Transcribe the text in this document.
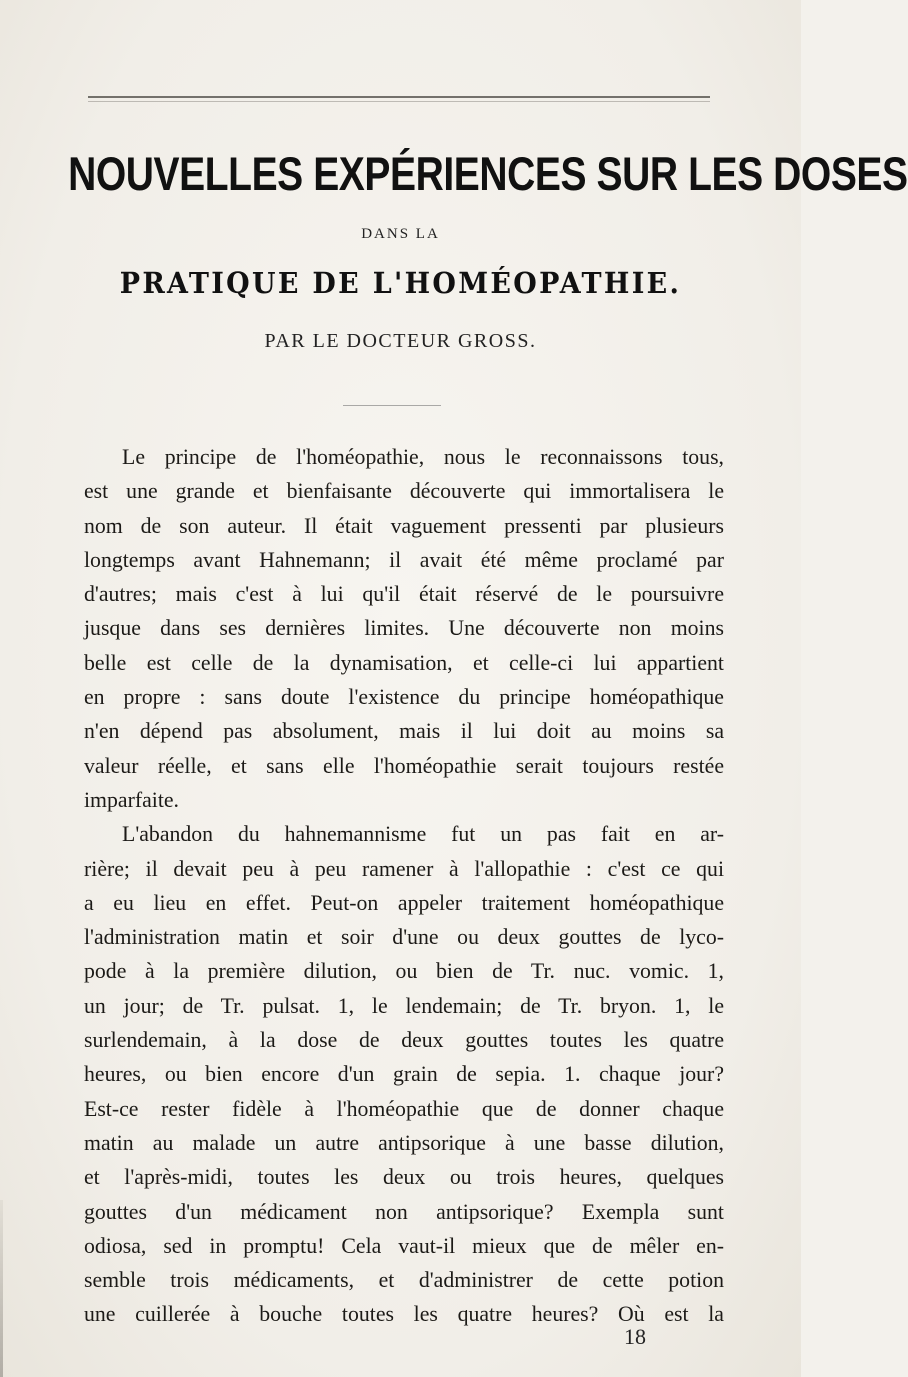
NOUVELLES EXPÉRIENCES SUR LES DOSES
DANS LA
PRATIQUE DE L'HOMÉOPATHIE.
PAR LE DOCTEUR GROSS.
Le principe de l'homéopathie, nous le reconnaissons tous,
est une grande et bienfaisante découverte qui immortalisera le
nom de son auteur. Il était vaguement pressenti par plusieurs
longtemps avant Hahnemann; il avait été même proclamé par
d'autres; mais c'est à lui qu'il était réservé de le poursuivre
jusque dans ses dernières limites. Une découverte non moins
belle est celle de la dynamisation, et celle-ci lui appartient
en propre : sans doute l'existence du principe homéopathique
n'en dépend pas absolument, mais il lui doit au moins sa
valeur réelle, et sans elle l'homéopathie serait toujours restée
imparfaite.
L'abandon du hahnemannisme fut un pas fait en ar-
rière; il devait peu à peu ramener à l'allopathie : c'est ce qui
a eu lieu en effet. Peut-on appeler traitement homéopathique
l'administration matin et soir d'une ou deux gouttes de lyco-
pode à la première dilution, ou bien de Tr. nuc. vomic. 1,
un jour; de Tr. pulsat. 1, le lendemain; de Tr. bryon. 1, le
surlendemain, à la dose de deux gouttes toutes les quatre
heures, ou bien encore d'un grain de sepia. 1. chaque jour?
Est-ce rester fidèle à l'homéopathie que de donner chaque
matin au malade un autre antipsorique à une basse dilution,
et l'après-midi, toutes les deux ou trois heures, quelques
gouttes d'un médicament non antipsorique? Exempla sunt
odiosa, sed in promptu! Cela vaut-il mieux que de mêler en-
semble trois médicaments, et d'administrer de cette potion
une cuillerée à bouche toutes les quatre heures? Où est la
18
